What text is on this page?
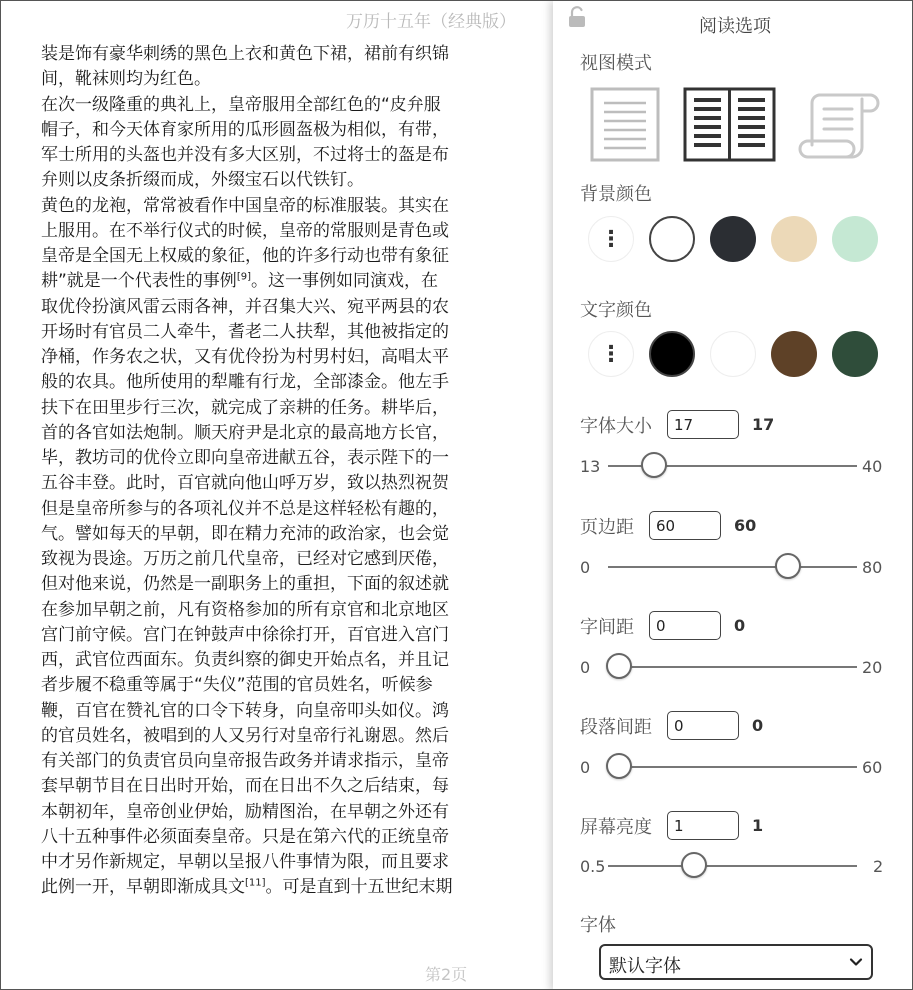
万历十五年（经典版）

装是饰有豪华刺绣的黑色上衣和黄色下裙，裙前有织锦

间，靴袜则均为红色。

在次一级隆重的典礼上，皇帝服用全部红色的“皮弁服

帽子，和今天体育家所用的瓜形圆盔极为相似，有带，

军士所用的头盔也并没有多大区别，不过将士的盔是布

弁则以皮条折缀而成，外缀宝石以代铁钉。

黄色的龙袍，常常被看作中国皇帝的标准服装。其实在

上服用。在不举行仪式的时候，皇帝的常服则是青色或

皇帝是全国无上权威的象征，他的许多行动也带有象征

耕”就是一个代表性的事例[9]。这一事例如同演戏，在

取优伶扮演风雷云雨各神，并召集大兴、宛平两县的农

开场时有官员二人牵牛，耆老二人扶犁，其他被指定的

净桶，作务农之状，又有优伶扮为村男村妇，高唱太平

般的农具。他所使用的犁雕有行龙，全部漆金。他左手

扶下在田里步行三次，就完成了亲耕的任务。耕毕后，

首的各官如法炮制。顺天府尹是北京的最高地方长官，

毕，教坊司的优伶立即向皇帝进献五谷，表示陛下的一

五谷丰登。此时，百官就向他山呼万岁，致以热烈祝贺

但是皇帝所参与的各项礼仪并不总是这样轻松有趣的，

气。譬如每天的早朝，即在精力充沛的政治家，也会觉

致视为畏途。万历之前几代皇帝，已经对它感到厌倦，

但对他来说，仍然是一副职务上的重担，下面的叙述就

在参加早朝之前，凡有资格参加的所有京官和北京地区

宫门前守候。宫门在钟鼓声中徐徐打开，百官进入宫门

西，武官位西面东。负责纠察的御史开始点名，并且记

者步履不稳重等属于“失仪”范围的官员姓名，听候参

鞭，百官在赞礼官的口令下转身，向皇帝叩头如仪。鸿

的官员姓名，被唱到的人又另行对皇帝行礼谢恩。然后

有关部门的负责官员向皇帝报告政务并请求指示，皇帝

套早朝节目在日出时开始，而在日出不久之后结束，每

本朝初年，皇帝创业伊始，励精图治，在早朝之外还有

八十五种事件必须面奏皇帝。只是在第六代的正统皇帝

中才另作新规定，早朝以呈报八件事情为限，而且要求

此例一开，早朝即渐成具文[11]。可是直到十五世纪末期

第2页
阅读选项
视图模式
背景颜色
⋮
文字颜色
⋮
字体大小
17	17
13	40
页边距
60	60
0	80
字间距
0	0
0	20
段落间距
0	0
0	60
屏幕亮度
1	1
0.5	2
字体
默认字体
